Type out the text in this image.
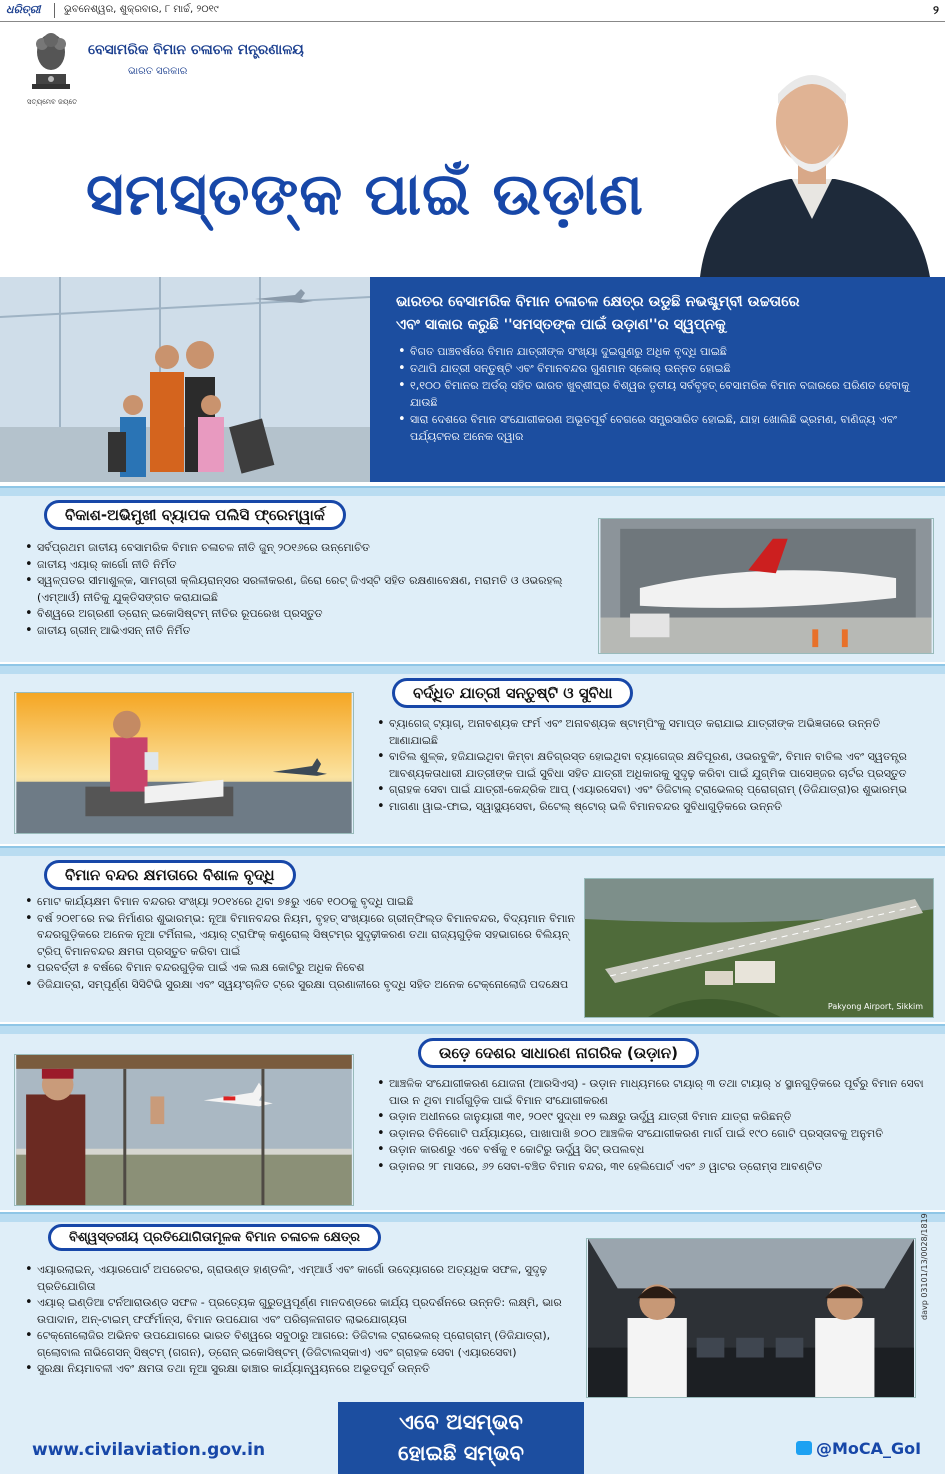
ଧରିତ୍ରୀ ଭୁବନେଶ୍ୱର, ଶୁକ୍ରବାର, ୮ ମାର୍ଚ୍ଚ, ୨୦୧୯	୨
ସତ୍ୟମେବ ଜୟତେ
ବେସାମରିକ ବିମାନ ଚଳାଚଳ ମନ୍ତ୍ରଣାଳୟ
ଭାରତ ସରକାର
ସମସ୍ତଙ୍କ ପାଇଁ ଉଡ଼ାଣ
ଭାରତର ବେସାମରିକ ବିମାନ ଚଳାଚଳ କ୍ଷେତ୍ର ଉଡୁଛି ନଭଶ୍ଚୁମ୍ବୀ ଉଚ୍ଚତାରେ
ଏବଂ ସାକାର କରୁଛି ''ସମସ୍ତଙ୍କ ପାଇଁ ଉଡ଼ାଣ''ର ସ୍ୱପ୍ନକୁ
• ବିଗତ ପାଞ୍ଚବର୍ଷରେ ବିମାନ ଯାତ୍ରୀଙ୍କ ସଂଖ୍ୟା ଦୁଇଗୁଣରୁ ଅଧିକ ବୃଦ୍ଧି ପାଇଛି
• ତଥାପି ଯାତ୍ରୀ ସନ୍ତୁଷ୍ଟି ଏବଂ ବିମାନବନ୍ଦର ଗୁଣମାନ ସ୍କୋର୍ ଉନ୍ନତ ହୋଇଛି
• ୧,୧୦୦ ବିମାନର ଅର୍ଡର୍ ସହିତ ଭାରତ ଖୁବ୍‌ଶୀଘ୍ର ବିଶ୍ୱର ତୃତୀୟ ସର୍ବବୃହତ୍ ବେସାମରିକ ବିମାନ ବଜାରରେ ପରିଣତ ହେବାକୁ ଯାଉଛି
• ସାରା ଦେଶରେ ବିମାନ ସଂଯୋଗୀକରଣ ଅଭୂତପୂର୍ବ ବେଗରେ ସମ୍ପ୍ରସାରିତ ହୋଇଛି, ଯାହା ଖୋଲିଛି ଭ୍ରମଣ, ବାଣିଜ୍ୟ ଏବଂ ପର୍ଯ୍ୟଟନର ଅନେକ ଦ୍ୱାର
ବିକାଶ-ଅଭିମୁଖୀ ବ୍ୟାପକ ପଲିସି ଫ୍ରେମ୍‌ୱାର୍କ
• ସର୍ବପ୍ରଥମ ଜାତୀୟ ବେସାମରିକ ବିମାନ ଚଳାଚଳ ନୀତି ଜୁନ୍ ୨୦୧୬ରେ ଉନ୍ମୋଚିତ
• ଜାତୀୟ ଏୟାର୍ କାର୍ଗୋ ନୀତି ନିର୍ମିତ
• ସ୍ୱଳ୍ପତର ସୀମାଶୁଳ୍କ, ସାମଗ୍ରୀ କ୍ଲିୟରାନ୍ସର ସରଳୀକରଣ, ଜିରୋ ରେଟ୍ ଜିଏସ୍‌ଟି ସହିତ ରକ୍ଷଣାବେକ୍ଷଣ, ମରାମତି ଓ ଓଭରହଲ୍ (ଏମ୍ଆର୍ଓ) ନୀତିକୁ ଯୁକ୍ତିସଙ୍ଗତ କରାଯାଇଛି
• ବିଶ୍ୱରେ ଅଗ୍ରଣୀ ଡ୍ରୋନ୍ ଇକୋସିଷ୍ଟମ୍ ନୀତିର ରୂପରେଖ ପ୍ରସ୍ତୁତ
• ଜାତୀୟ ଗ୍ରୀନ୍ ଆଭିଏସନ୍ ନୀତି ନିର୍ମିତ
ବର୍ଦ୍ଧିତ ଯାତ୍ରୀ ସନ୍ତୁଷ୍ଟି ଓ ସୁବିଧା
• ବ୍ୟାଗେଜ୍ ଟ୍ୟାଗ୍, ଅନାବଶ୍ୟକ ଫର୍ମ ଏବଂ ଅନାବଶ୍ୟକ ଷ୍ଟାମ୍ପିଂକୁ ସମାପ୍ତ କରାଯାଇ ଯାତ୍ରୀଙ୍କ ଅଭିଜ୍ଞତାରେ ଉନ୍ନତି ଆଣାଯାଇଛି
• ବାତିଲ ଶୁଳ୍କ, ହଜିଯାଇଥିବା କିମ୍ବା କ୍ଷତିଗ୍ରସ୍ତ ହୋଇଥିବା ବ୍ୟାଗେଜ୍‌ର କ୍ଷତିପୂରଣ, ଓଭରବୁକିଂ, ବିମାନ ବାତିଲ ଏବଂ ସ୍ୱତନ୍ତ୍ର ଆବଶ୍ୟକତାଧାରୀ ଯାତ୍ରୀଙ୍କ ପାଇଁ ସୁବିଧା ସହିତ ଯାତ୍ରୀ ଅଧିକାରକୁ ସୁଦୃଢ଼ କରିବା ପାଇଁ ଯୁଗ୍ମିକ ପାସେଞ୍ଜର ଚାର୍ଟର ପ୍ରସ୍ତୁତ
• ଗ୍ରାହକ ସେବା ପାଇଁ ଯାତ୍ରୀ-କେନ୍ଦ୍ରିକ ଆପ୍ (ଏୟାରସେବା) ଏବଂ ଡିଜିଟାଲ୍ ଟ୍ରାଭେଲର୍ ପ୍ରୋଗ୍ରାମ୍ (ଡିଜିଯାତ୍ରା)ର ଶୁଭାରମ୍ଭ
• ମାଗଣା ୱାଇ-ଫାଇ, ସ୍ୱାସ୍ଥ୍ୟସେବା, ରିଟେଲ୍ ଷ୍ଟୋର୍ ଭଳି ବିମାନବନ୍ଦର ସୁବିଧାଗୁଡ଼ିକରେ ଉନ୍ନତି
ବିମାନ ବନ୍ଦର କ୍ଷମତାରେ ବିଶାଳ ବୃଦ୍ଧି
• ମୋଟ କାର୍ଯ୍ୟକ୍ଷମ ବିମାନ ବନ୍ଦରର ସଂଖ୍ୟା ୨୦୧୪ରେ ଥିବା ୭୫ରୁ ଏବେ ୧୦୦କୁ ବୃଦ୍ଧି ପାଇଛି
• ବର୍ଷ ୨୦୧୮ରେ ନଭ ନିର୍ମାଣର ଶୁଭାରମ୍ଭ: ନୂଆ ବିମାନବନ୍ଦର ନିୟମ, ବୃହତ୍ ସଂଖ୍ୟାରେ ଗ୍ରୀନ୍‌ଫିଲ୍ଡ ବିମାନବନ୍ଦର, ବିଦ୍ୟମାନ ବିମାନ ବନ୍ଦରଗୁଡ଼ିକରେ ଅନେକ ନୂଆ ଟର୍ମିନାଲ, ଏୟାର୍ ଟ୍ରାଫିକ୍ କଣ୍ଟ୍ରୋଲ୍ ସିଷ୍ଟମ୍‌ର ସୁଦୃଢ଼ୀକରଣ ତଥା ରାଜ୍ୟଗୁଡ଼ିକ ସହଭାଗରେ ବିଲିୟନ୍ ଟ୍ରିପ୍ ବିମାନବନ୍ଦର କ୍ଷମତା ପ୍ରସ୍ତୁତ କରିବା ପାଇଁ
• ପରବର୍ତ୍ତୀ ୫ ବର୍ଷରେ ବିମାନ ବନ୍ଦରଗୁଡ଼ିକ ପାଇଁ ଏକ ଲକ୍ଷ କୋଟିରୁ ଅଧିକ ନିବେଶ
• ଡିଜିଯାତ୍ରା, ସମ୍ପୂର୍ଣ୍ଣ ସିସିଟିଭି ସୁରକ୍ଷା ଏବଂ ସ୍ୱୟଂଚାଳିତ ଟ୍ରେ ସୁରକ୍ଷା ପ୍ରଣାଳୀରେ ବୃଦ୍ଧି ସହିତ ଅନେକ ଟେକ୍ନୋଲୋଜି ପଦକ୍ଷେପ
Pakyong Airport, Sikkim
ଉଡ଼େ ଦେଶର ସାଧାରଣ ନାଗରିକ (ଉଡ଼ାନ)
• ଆଞ୍ଚଳିକ ସଂଯୋଗୀକରଣ ଯୋଜନା (ଆରସିଏସ୍) - ଉଡ଼ାନ ମାଧ୍ୟମରେ ଟାୟାର୍ ୩ ତଥା ଟାୟାର୍ ୪ ସ୍ଥାନଗୁଡ଼ିକରେ ପୂର୍ବରୁ ବିମାନ ସେବା ପାଉ ନ ଥିବା ମାର୍ଗଗୁଡ଼ିକ ପାଇଁ ବିମାନ ସଂଯୋଗୀକରଣ
• ଉଡ଼ାନ ଅଧୀନରେ ଜାନୁୟାରୀ ୩୧, ୨୦୧୯ ସୁଦ୍ଧା ୧୨ ଲକ୍ଷରୁ ଊର୍ଦ୍ଧ୍ୱ ଯାତ୍ରୀ ବିମାନ ଯାତ୍ରା କରିଛନ୍ତି
• ଉଡ଼ାନର ତିନିଗୋଟି ପର୍ଯ୍ୟାୟରେ, ପାଖାପାଖି ୭୦୦ ଆଞ୍ଚଳିକ ସଂଯୋଗୀକରଣ ମାର୍ଗ ପାଇଁ ୧୯୦ ଗୋଟି ପ୍ରସ୍ତାବକୁ ଅନୁମତି
• ଉଡ଼ାନ କାରଣରୁ ଏବେ ବର୍ଷକୁ ୧ କୋଟିରୁ ଊର୍ଦ୍ଧ୍ୱ ସିଟ୍ ଉପଲବ୍ଧ
• ଉଡ଼ାନର ୨୮ ମାସରେ, ୬୨ ସେବା-ବଞ୍ଚିତ ବିମାନ ବନ୍ଦର, ୩୧ ହେଲିପୋର୍ଟ ଏବଂ ୬ ୱାଟର ଡ୍ରୋମ୍‌ସ ଆବଣ୍ଟିତ
ବିଶ୍ୱସ୍ତରୀୟ ପ୍ରତିଯୋଗିତାମୂଳକ ବିମାନ ଚଳାଚଳ କ୍ଷେତ୍ର
• ଏୟାରଲାଇନ୍, ଏୟାରପୋର୍ଟ ଅପରେଟର, ଗ୍ରାଉଣ୍ଡ ହାଣ୍ଡଲିଂ, ଏମ୍ଆର୍ଓ ଏବଂ କାର୍ଗୋ ଉଦ୍ୟୋଗରେ ଅତ୍ୟଧିକ ସଫଳ, ସୁଦୃଢ଼ ପ୍ରତିଯୋଗିତା
• ଏୟାର୍ ଇଣ୍ଡିଆ ଟର୍ନଆରାଉଣ୍ଡ ସଫଳ - ପ୍ରତ୍ୟେକ ଗୁରୁତ୍ୱପୂର୍ଣ୍ଣ ମାନଦଣ୍ଡରେ କାର୍ଯ୍ୟ ପ୍ରଦର୍ଶନରେ ଉନ୍ନତି: ଲକ୍ଷ୍ମି, ଭାର ଉପାଦାନ, ଅନ୍-ଟାଇମ୍ ଫର୍ଫର୍ମାନ୍ସ, ବିମାନ ଉପଯୋଗ ଏବଂ ପରିଚାଳନାଗତ ଲାଭଯୋଗ୍ୟତା
• ଟେକ୍ନୋଲୋଜିର ଅଭିନବ ଉପଯୋଗରେ ଭାରତ ବିଶ୍ୱରେ ସବୁଠାରୁ ଆଗରେ: ଡିଜିଟାଲ ଟ୍ରାଭେଲର୍ ପ୍ରୋଗ୍ରାମ୍ (ଡିଜିଯାତ୍ରା), ଗ୍ଲୋବାଲ ନାଭିଗେସନ୍ ସିଷ୍ଟମ୍ (ଗଗନ), ଡ୍ରୋନ୍ ଇକୋସିଷ୍ଟମ୍ (ଡିଜିଟାଲସ୍କାଏ) ଏବଂ ଗ୍ରାହକ ସେବା (ଏୟାରସେବା)
• ସୁରକ୍ଷା ନିୟମାବଳୀ ଏବଂ କ୍ଷମତା ତଥା ନୂଆ ସୁରକ୍ଷା ଢାଞ୍ଚାର କାର୍ଯ୍ୟାନ୍ୱୟନରେ ଅଭୂତପୂର୍ବ ଉନ୍ନତି
davp 03101/13/0028/1819
www.civilaviation.gov.in
ଏବେ ଅସମ୍ଭବ
ହୋଇଛି ସମ୍ଭବ	@MoCA_GoI
